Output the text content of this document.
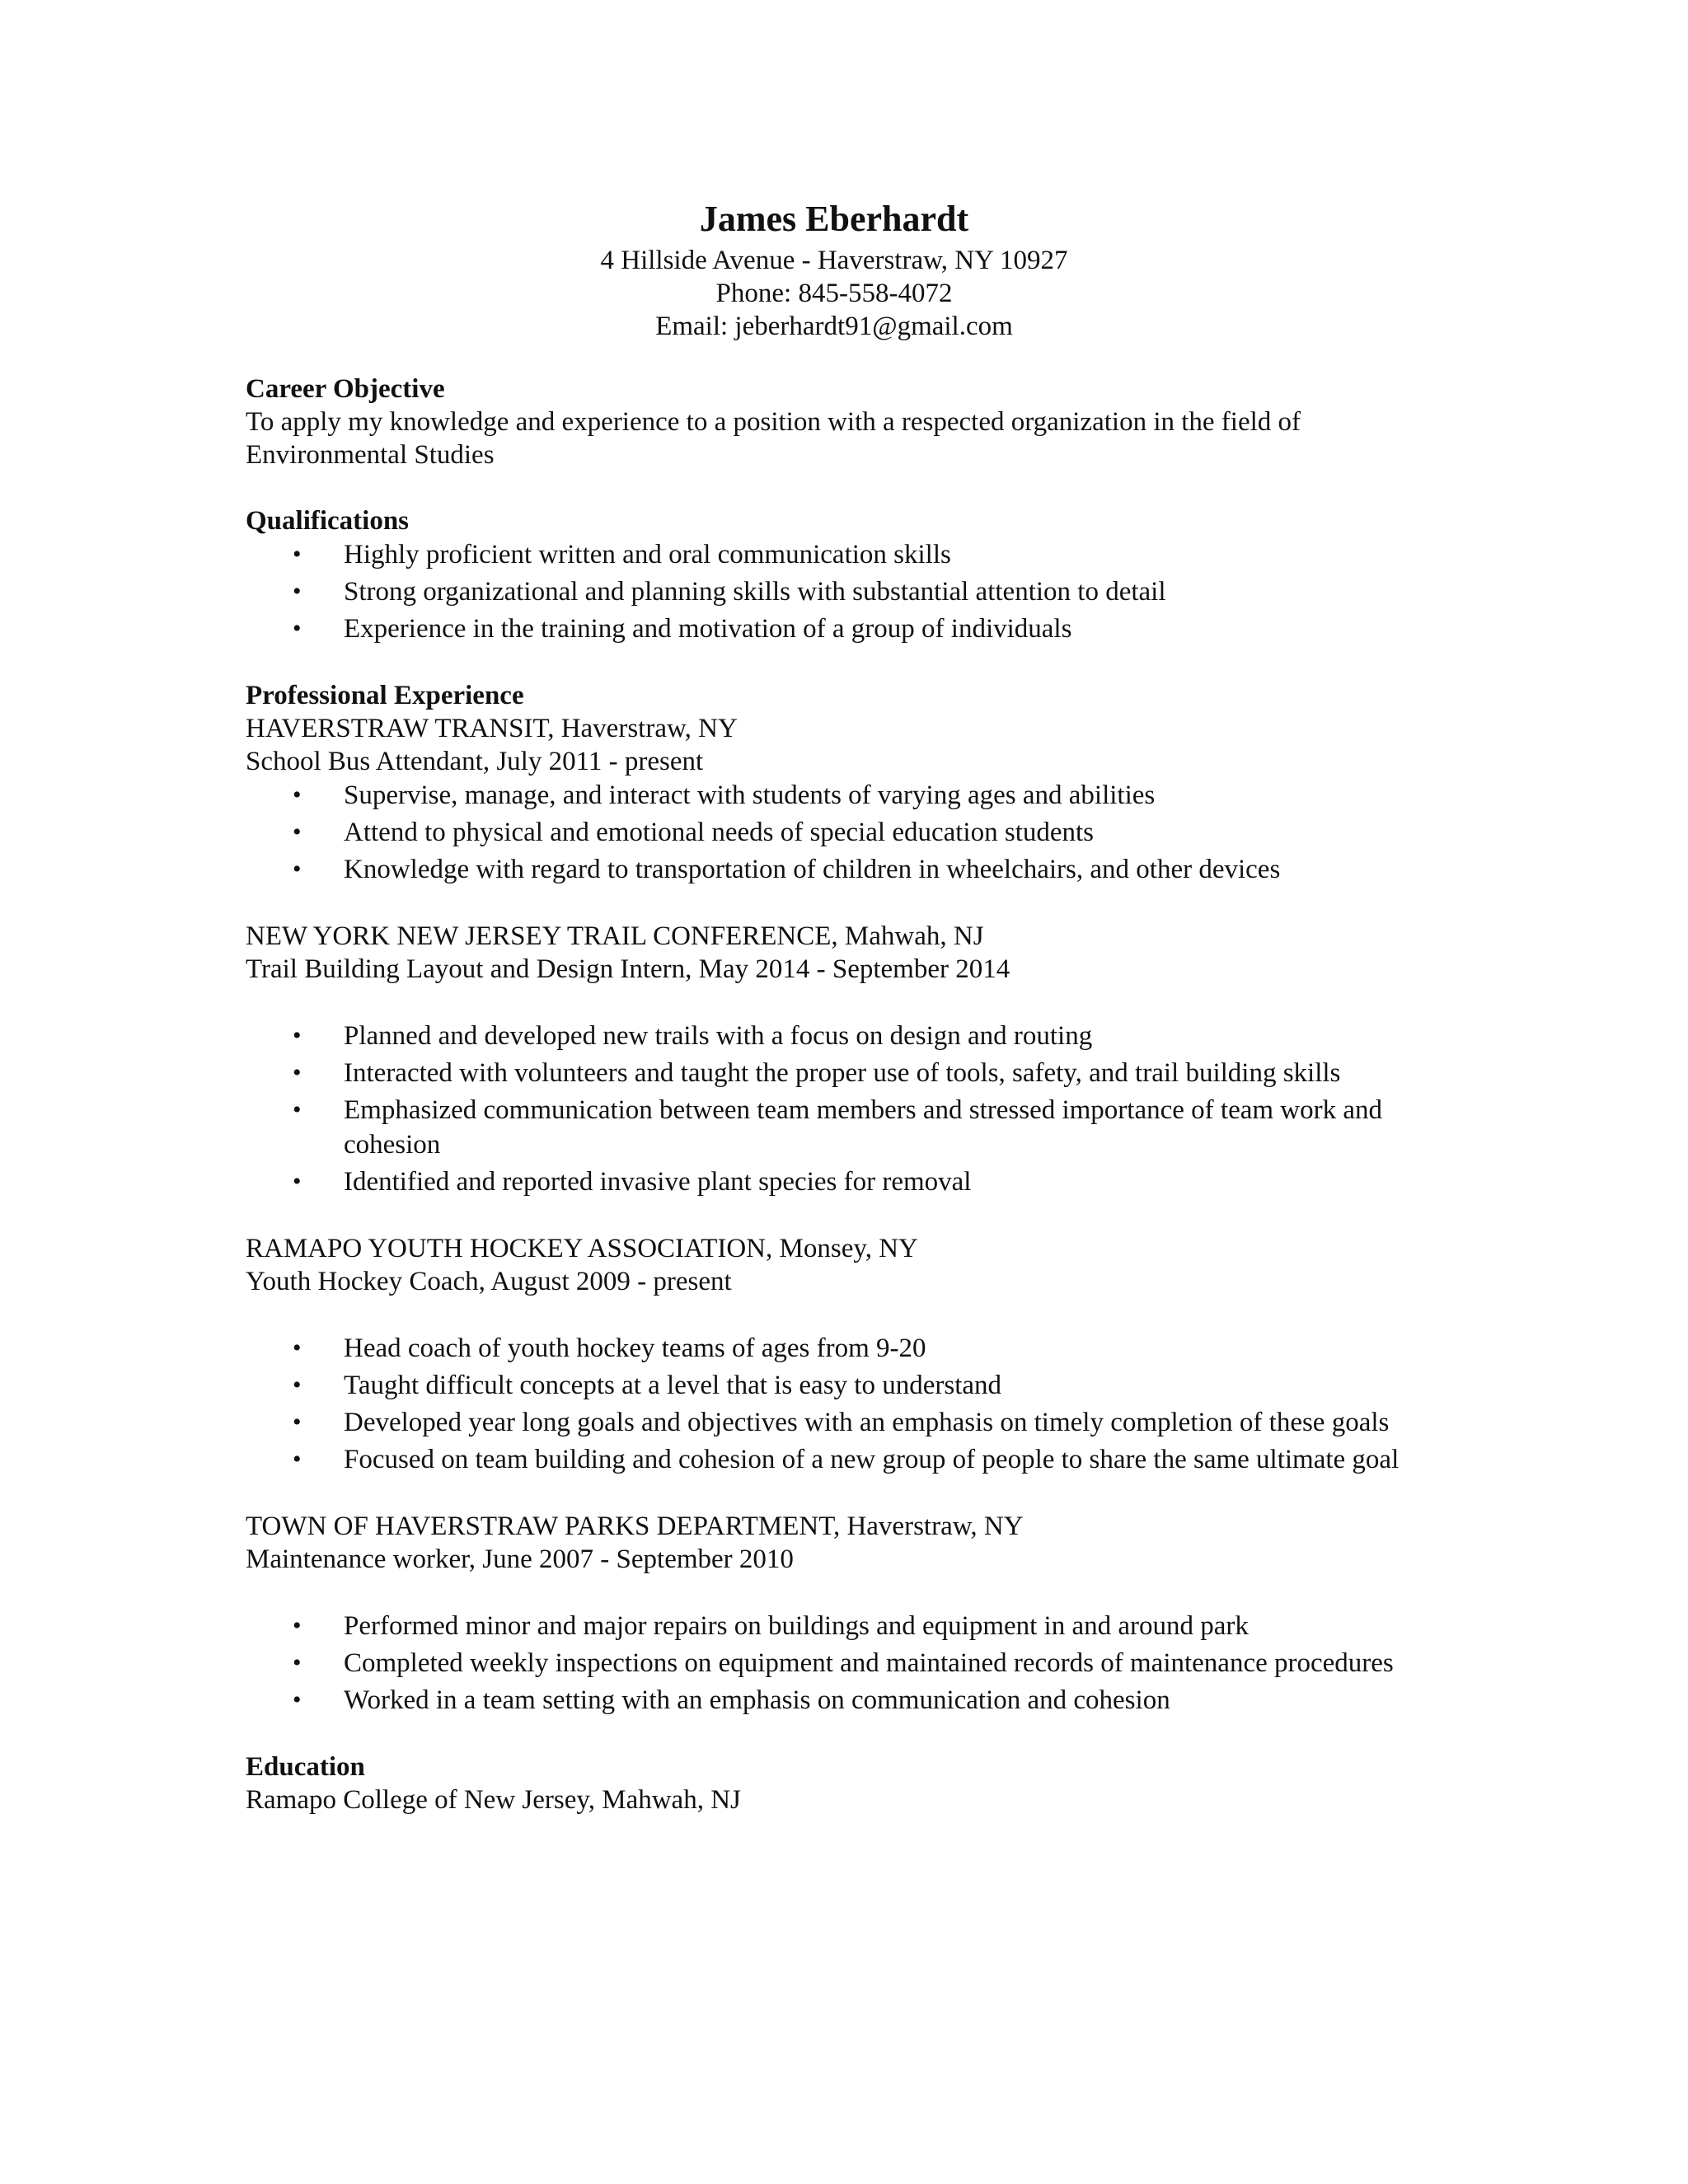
James Eberhardt

4 Hillside Avenue - Haverstraw, NY 10927

Phone: 845-558-4072

Email: jeberhardt91@gmail.com

Career Objective

To apply my knowledge and experience to a position with a respected organization in the field of

Environmental Studies

Qualifications

• Highly proficient written and oral communication skills
• Strong organizational and planning skills with substantial attention to detail
• Experience in the training and motivation of a group of individuals

Professional Experience

HAVERSTRAW TRANSIT, Haverstraw, NY

School Bus Attendant, July 2011 - present

• Supervise, manage, and interact with students of varying ages and abilities
• Attend to physical and emotional needs of special education students
• Knowledge with regard to transportation of children in wheelchairs, and other devices

NEW YORK NEW JERSEY TRAIL CONFERENCE, Mahwah, NJ

Trail Building Layout and Design Intern, May 2014 - September 2014

• Planned and developed new trails with a focus on design and routing
• Interacted with volunteers and taught the proper use of tools, safety, and trail building skills
• Emphasized communication between team members and stressed importance of team work and cohesion
• Identified and reported invasive plant species for removal

RAMAPO YOUTH HOCKEY ASSOCIATION, Monsey, NY

Youth Hockey Coach, August 2009 - present

• Head coach of youth hockey teams of ages from 9-20
• Taught difficult concepts at a level that is easy to understand
• Developed year long goals and objectives with an emphasis on timely completion of these goals
• Focused on team building and cohesion of a new group of people to share the same ultimate goal

TOWN OF HAVERSTRAW PARKS DEPARTMENT, Haverstraw, NY

Maintenance worker, June 2007 - September 2010

• Performed minor and major repairs on buildings and equipment in and around park
• Completed weekly inspections on equipment and maintained records of maintenance procedures
• Worked in a team setting with an emphasis on communication and cohesion

Education

Ramapo College of New Jersey, Mahwah, NJ
